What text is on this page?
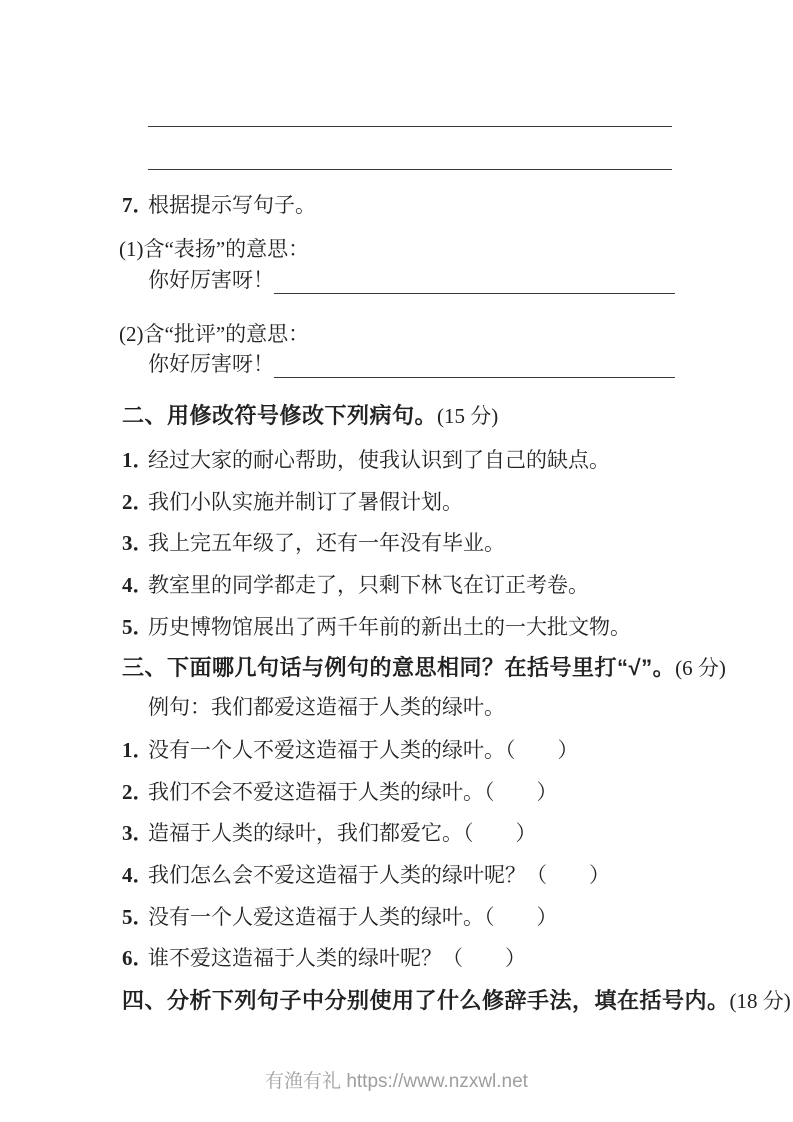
7．
根据提示写句子。
(1) 含“表扬”的意思：
你好厉害呀！
(2) 含“批评”的意思：
你好厉害呀！
二、 用修改符号修改下列病句。 (15 分)
1．
经过大家的耐心帮助，使我认识到了自己的缺点。
2．
我们小队实施并制订了暑假计划。
3．
我上完五年级了，还有一年没有毕业。
4．
教室里的同学都走了，只剩下林飞在订正考卷。
5．
历史博物馆展出了两千年前的新出土的一大批文物。
三、 下面哪几句话与例句的意思相同？在括号里打“√”。 (6 分)
例句：我们都爱这造福于人类的绿叶。
1．
没有一个人不爱这造福于人类的绿叶。（　　）
2．
我们不会不爱这造福于人类的绿叶。（　　）
3．
造福于人类的绿叶，我们都爱它。（　　）
4．
我们怎么会不爱这造福于人类的绿叶呢？（　　）
5．
没有一个人爱这造福于人类的绿叶。（　　）
6．
谁不爱这造福于人类的绿叶呢？（　　）
四、 分析下列句子中分别使用了什么修辞手法，填在括号内。 (18 分)
有渔有礼 https://www.nzxwl.net
